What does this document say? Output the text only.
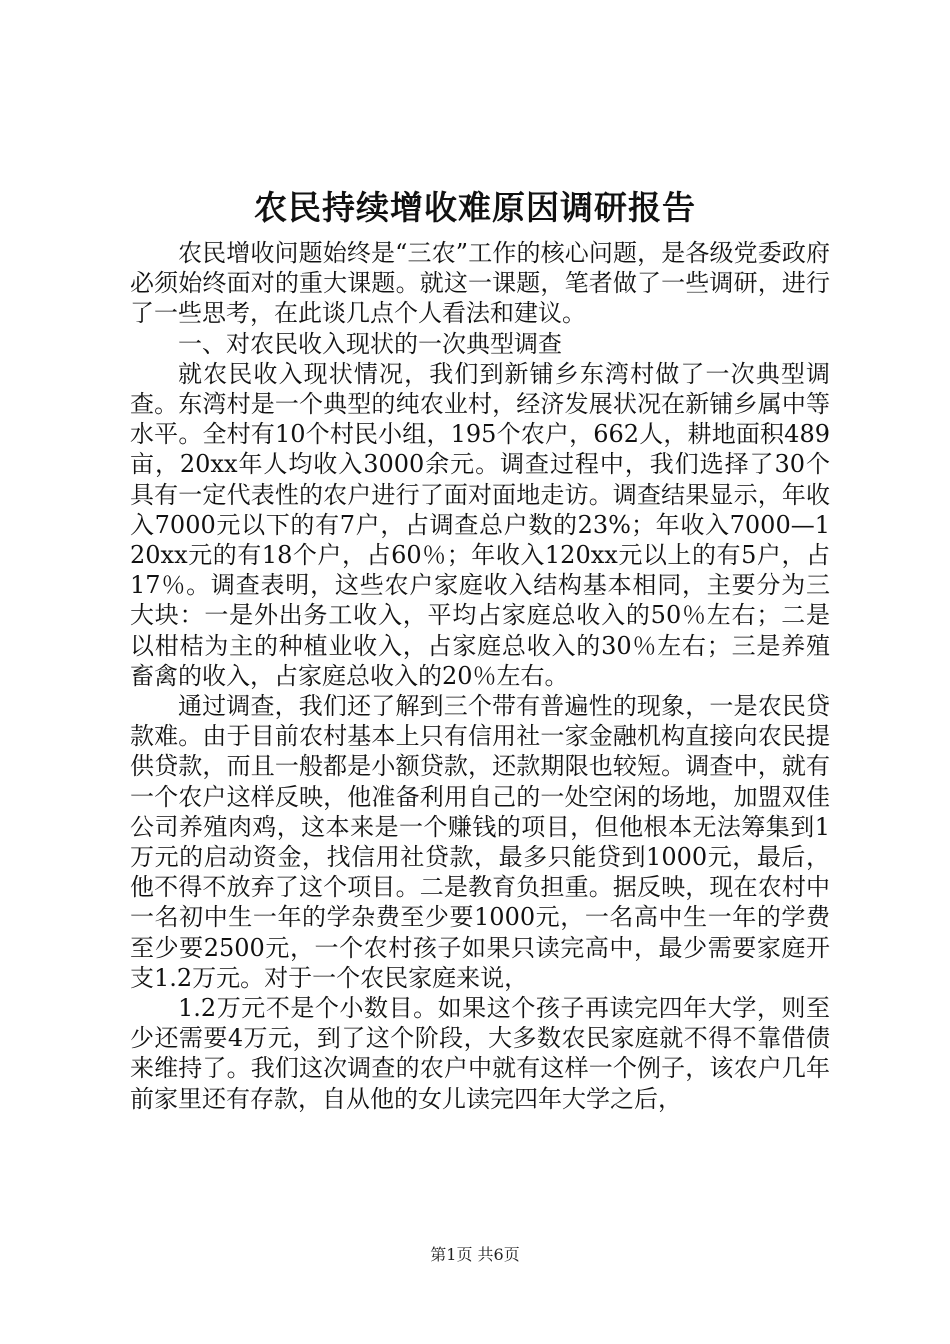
农民持续增收难原因调研报告

农民增收问题始终是“三农”工作的核心问题，是各级党委政府必须始终面对的重大课题。就这一课题，笔者做了一些调研，进行了一些思考，在此谈几点个人看法和建议。

一、对农民收入现状的一次典型调查

就农民收入现状情况，我们到新铺乡东湾村做了一次典型调查。东湾村是一个典型的纯农业村，经济发展状况在新铺乡属中等水平。全村有10个村民小组，195个农户，662人，耕地面积489亩，20xx年人均收入3000余元。调查过程中，我们选择了30个具有一定代表性的农户进行了面对面地走访。调查结果显示，年收入7000元以下的有7户，占调查总户数的23%；年收入7000—120xx元的有18个户，占60％；年收入120xx元以上的有5户，占17％。调查表明，这些农户家庭收入结构基本相同，主要分为三大块：一是外出务工收入，平均占家庭总收入的50％左右；二是以柑桔为主的种植业收入，占家庭总收入的30％左右；三是养殖畜禽的收入，占家庭总收入的20％左右。

通过调查，我们还了解到三个带有普遍性的现象，一是农民贷款难。由于目前农村基本上只有信用社一家金融机构直接向农民提供贷款，而且一般都是小额贷款，还款期限也较短。调查中，就有一个农户这样反映，他准备利用自己的一处空闲的场地，加盟双佳公司养殖肉鸡，这本来是一个赚钱的项目，但他根本无法筹集到1万元的启动资金，找信用社贷款，最多只能贷到1000元，最后，他不得不放弃了这个项目。二是教育负担重。据反映，现在农村中一名初中生一年的学杂费至少要1000元，一名高中生一年的学费至少要2500元，一个农村孩子如果只读完高中，最少需要家庭开支1.2万元。对于一个农民家庭来说，

1.2万元不是个小数目。如果这个孩子再读完四年大学，则至少还需要4万元，到了这个阶段，大多数农民家庭就不得不靠借债来维持了。我们这次调查的农户中就有这样一个例子，该农户几年前家里还有存款，自从他的女儿读完四年大学之后，

第1页 共6页
